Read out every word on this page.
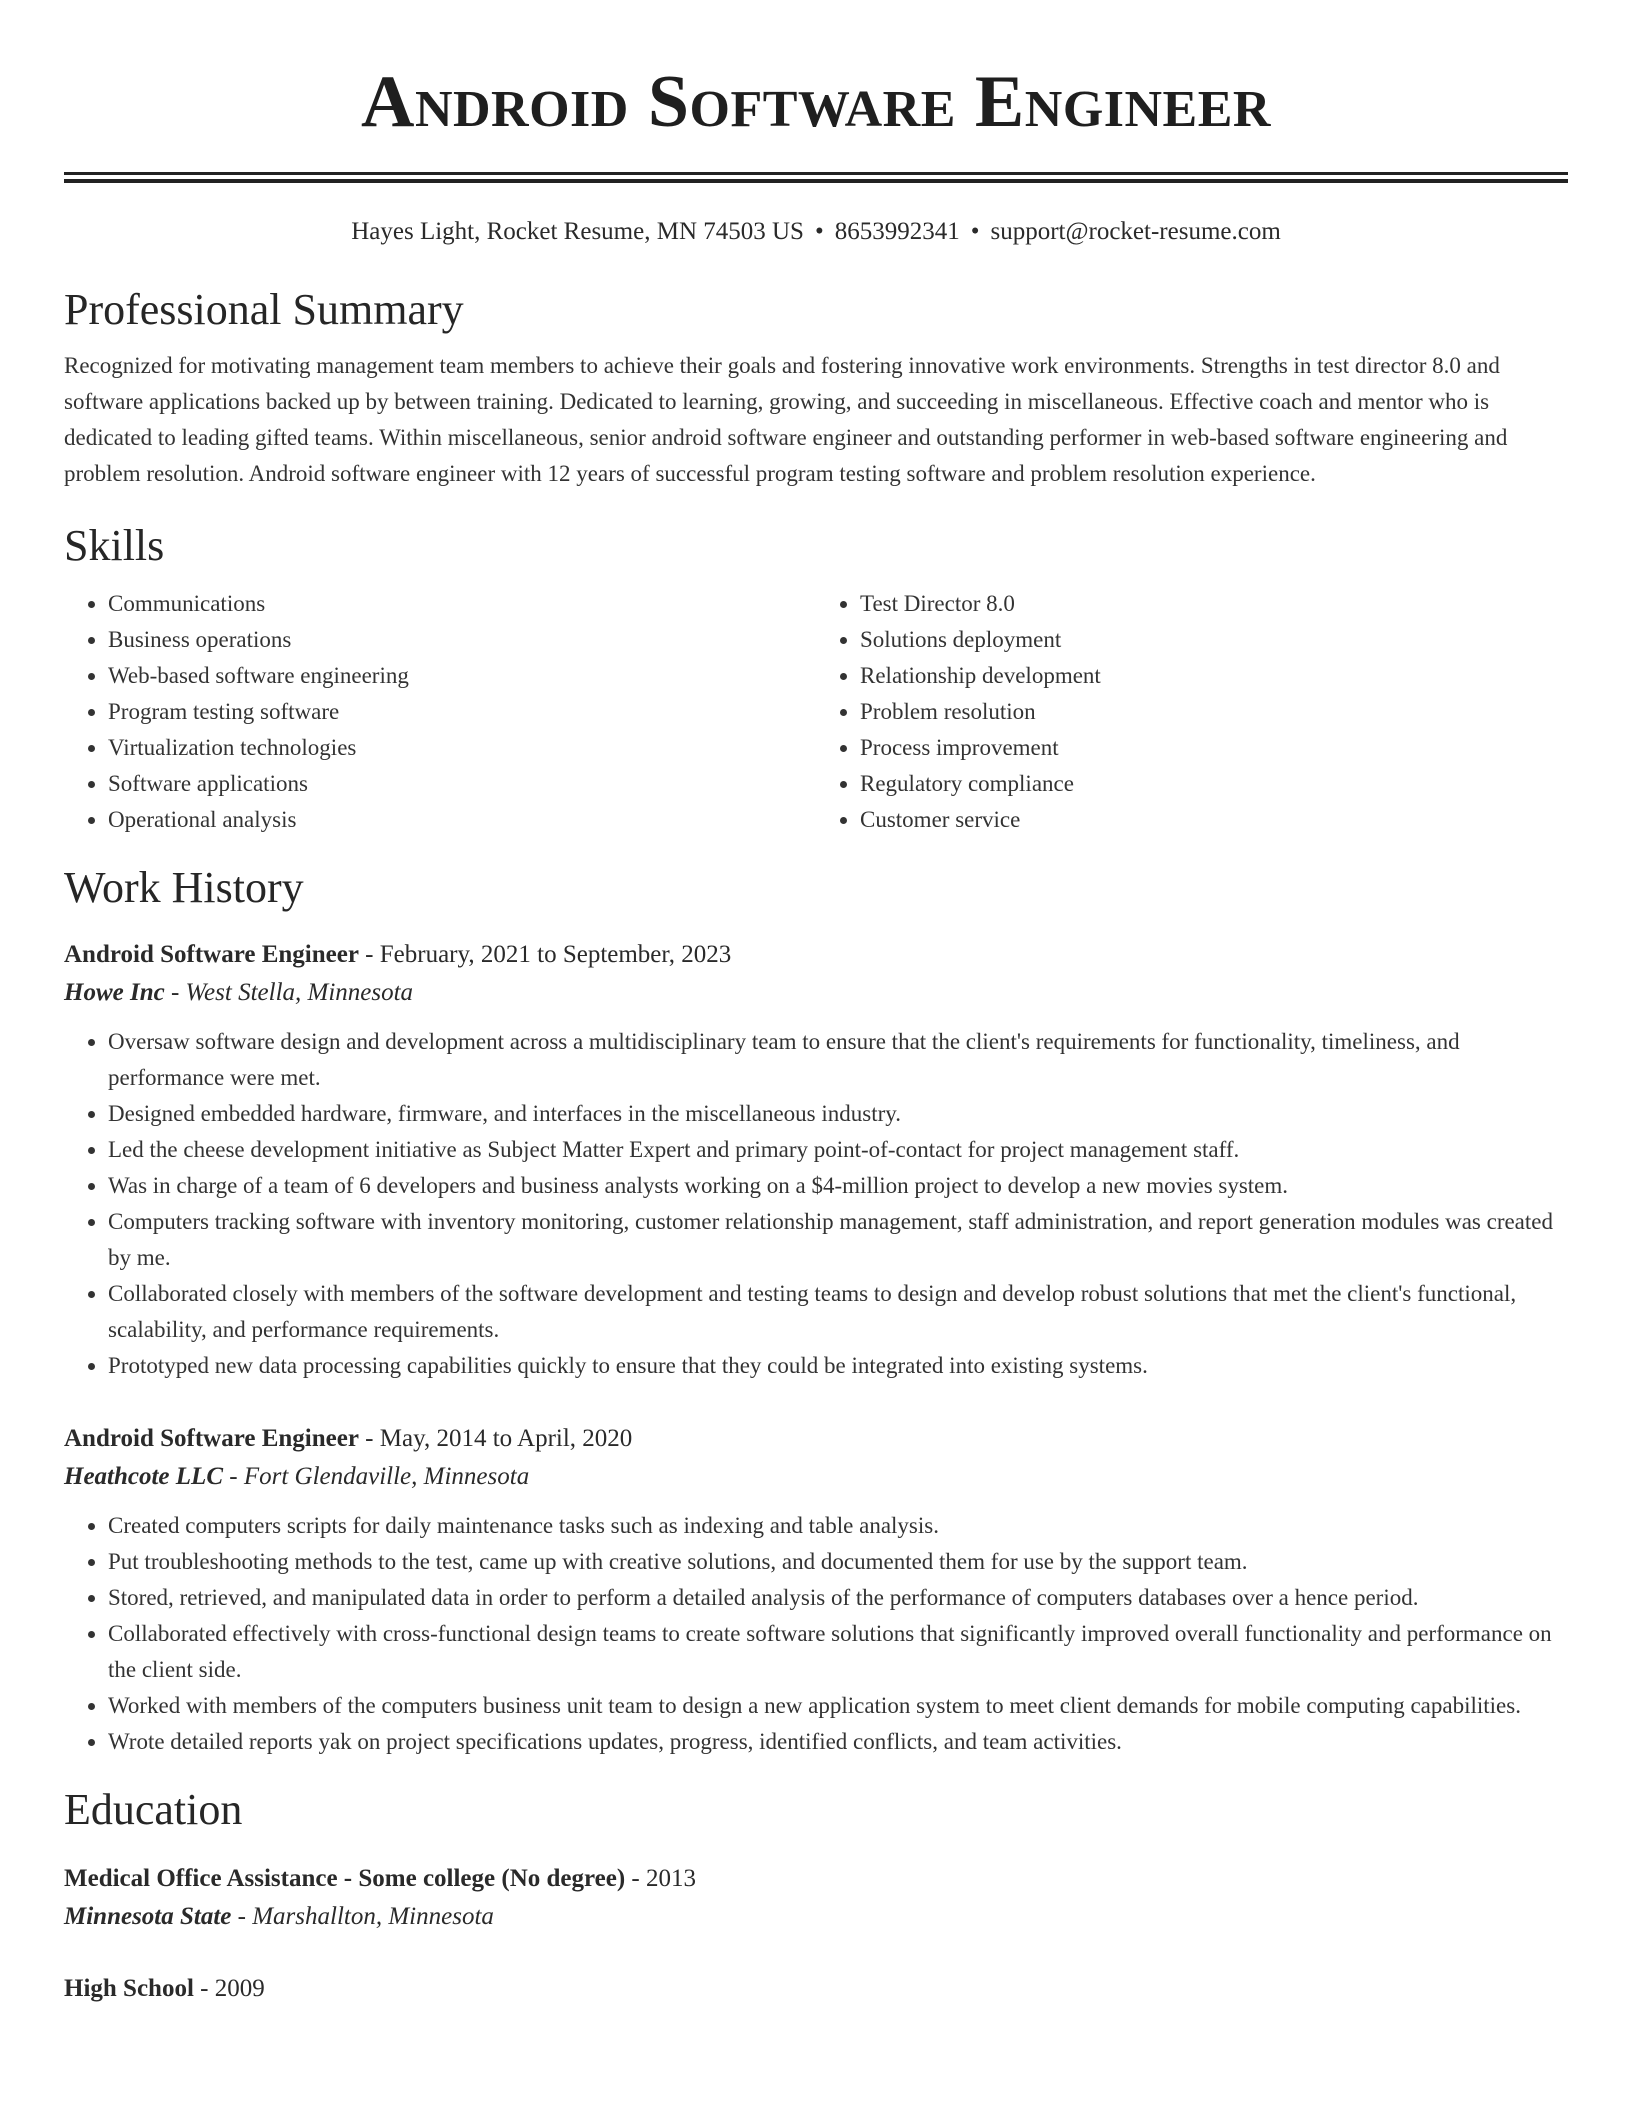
Android Software Engineer
Hayes Light, Rocket Resume, MN 74503 US • 8653992341 • support@rocket-resume.com
Professional Summary

Recognized for motivating management team members to achieve their goals and fostering innovative work environments. Strengths in test director 8.0 and software applications backed up by between training. Dedicated to learning, growing, and succeeding in miscellaneous. Effective coach and mentor who is dedicated to leading gifted teams. Within miscellaneous, senior android software engineer and outstanding performer in web-based software engineering and problem resolution. Android software engineer with 12 years of successful program testing software and problem resolution experience.

Skills
• Communications
• Business operations
• Web-based software engineering
• Program testing software
• Virtualization technologies
• Software applications
• Operational analysis
• Test Director 8.0
• Solutions deployment
• Relationship development
• Problem resolution
• Process improvement
• Regulatory compliance
• Customer service
Work History
Android Software Engineer - February, 2021 to September, 2023
Howe Inc - West Stella, Minnesota
• Oversaw software design and development across a multidisciplinary team to ensure that the client's requirements for functionality, timeliness, and performance were met.
• Designed embedded hardware, firmware, and interfaces in the miscellaneous industry.
• Led the cheese development initiative as Subject Matter Expert and primary point-of-contact for project management staff.
• Was in charge of a team of 6 developers and business analysts working on a $4-million project to develop a new movies system.
• Computers tracking software with inventory monitoring, customer relationship management, staff administration, and report generation modules was created by me.
• Collaborated closely with members of the software development and testing teams to design and develop robust solutions that met the client's functional, scalability, and performance requirements.
• Prototyped new data processing capabilities quickly to ensure that they could be integrated into existing systems.
Android Software Engineer - May, 2014 to April, 2020
Heathcote LLC - Fort Glendaville, Minnesota
• Created computers scripts for daily maintenance tasks such as indexing and table analysis.
• Put troubleshooting methods to the test, came up with creative solutions, and documented them for use by the support team.
• Stored, retrieved, and manipulated data in order to perform a detailed analysis of the performance of computers databases over a hence period.
• Collaborated effectively with cross-functional design teams to create software solutions that significantly improved overall functionality and performance on the client side.
• Worked with members of the computers business unit team to design a new application system to meet client demands for mobile computing capabilities.
• Wrote detailed reports yak on project specifications updates, progress, identified conflicts, and team activities.
Education
Medical Office Assistance - Some college (No degree) - 2013
Minnesota State - Marshallton, Minnesota
High School - 2009
